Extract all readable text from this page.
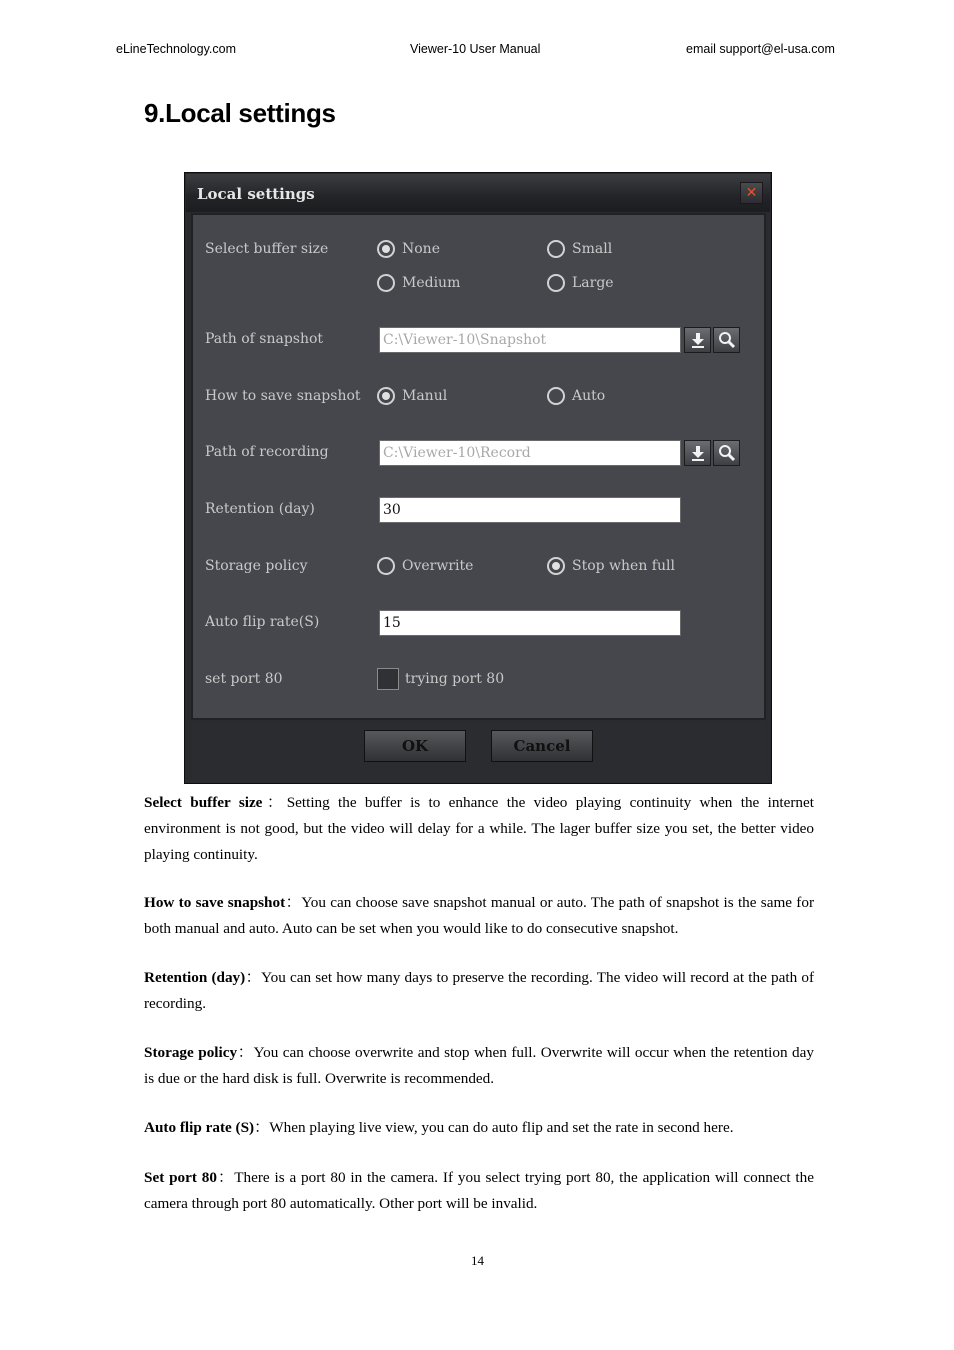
eLineTechnology.com	Viewer-10 User Manual	email support@el-usa.com
9.Local settings
Local settings	✕
Select buffer size	None	Small
Medium	Large
Path of snapshot	C:\Viewer-10\Snapshot
How to save snapshot	Manul	Auto
Path of recording	C:\Viewer-10\Record
Retention (day)	30
Storage policy	Overwrite	Stop when full
Auto flip rate(S)	15
set port 80	trying port 80
OK	Cancel
Select buffer size：Setting the buffer is to enhance the video playing continuity when the internet environment is not good, but the video will delay for a while. The lager buffer size you set, the better video playing continuity.
How to save snapshot：You can choose save snapshot manual or auto. The path of snapshot is the same for both manual and auto. Auto can be set when you would like to do consecutive snapshot.
Retention (day)：You can set how many days to preserve the recording. The video will record at the path of recording.
Storage policy：You can choose overwrite and stop when full. Overwrite will occur when the retention day is due or the hard disk is full. Overwrite is recommended.
Auto flip rate (S)：When playing live view, you can do auto flip and set the rate in second here.
Set port 80：There is a port 80 in the camera. If you select trying port 80, the application will connect the camera through port 80 automatically. Other port will be invalid.
14
